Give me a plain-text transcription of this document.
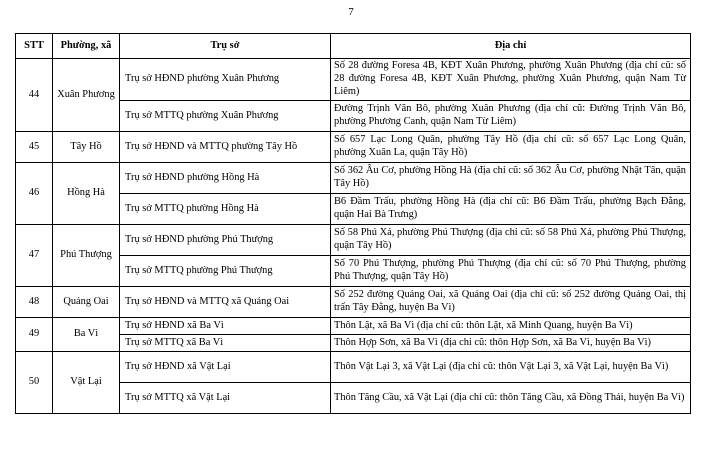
7
STT	Phường, xã	Trụ sở	Địa chỉ
44	Xuân Phương	Trụ sở HĐND phường Xuân Phương	Số 28 đường Foresa 4B, KĐT Xuân Phương, phường Xuân Phương (địa chỉ cũ: số 28 đường Foresa 4B, KĐT Xuân Phương, phường Xuân Phương, quận Nam Từ Liêm)
		Trụ sở MTTQ phường Xuân Phương	Đường Trịnh Văn Bô, phường Xuân Phương (địa chỉ cũ: Đường Trịnh Văn Bô, phường Phương Canh, quận Nam Từ Liêm)
45	Tây Hồ	Trụ sở HĐND và MTTQ phường Tây Hồ	Số 657 Lạc Long Quân, phường Tây Hồ (địa chỉ cũ: số 657 Lạc Long Quân, phường Xuân La, quận Tây Hồ)
46	Hồng Hà	Trụ sở HĐND phường Hồng Hà	Số 362 Âu Cơ, phường Hồng Hà (địa chỉ cũ: số 362 Âu Cơ, phường Nhật Tân, quận Tây Hồ)
		Trụ sở MTTQ phường Hồng Hà	B6 Đầm Trấu, phường Hồng Hà (địa chỉ cũ: B6 Đầm Trấu, phường Bạch Đằng, quận Hai Bà Trưng)
47	Phú Thượng	Trụ sở HĐND phường Phú Thượng	Số 58 Phú Xá, phường Phú Thượng (địa chỉ cũ: số 58 Phú Xá, phường Phú Thượng, quận Tây Hồ)
		Trụ sở MTTQ phường Phú Thượng	Số 70 Phú Thượng, phường Phú Thượng (địa chỉ cũ: số 70 Phú Thượng, phường Phú Thượng, quận Tây Hồ)
48	Quảng Oai	Trụ sở HĐND và MTTQ xã Quảng Oai	Số 252 đường Quảng Oai, xã Quảng Oai (địa chỉ cũ: số 252 đường Quảng Oai, thị trấn Tây Đằng, huyện Ba Vì)
49	Ba Vì	Trụ sở HĐND xã Ba Vì	Thôn Lặt, xã Ba Vì (địa chỉ cũ: thôn Lặt, xã Minh Quang, huyện Ba Vì)
		Trụ sở MTTQ xã Ba Vì	Thôn Hợp Sơn, xã Ba Vì (địa chỉ cũ: thôn Hợp Sơn, xã Ba Vì, huyện Ba Vì)
50	Vật Lại	Trụ sở HĐND xã Vật Lại	Thôn Vật Lại 3, xã Vật Lại (địa chỉ cũ: thôn Vật Lại 3, xã Vật Lại, huyện Ba Vì)
		Trụ sở MTTQ xã Vật Lại	Thôn Tăng Cầu, xã Vật Lại (địa chỉ cũ: thôn Tăng Cầu, xã Đồng Thái, huyện Ba Vì)
